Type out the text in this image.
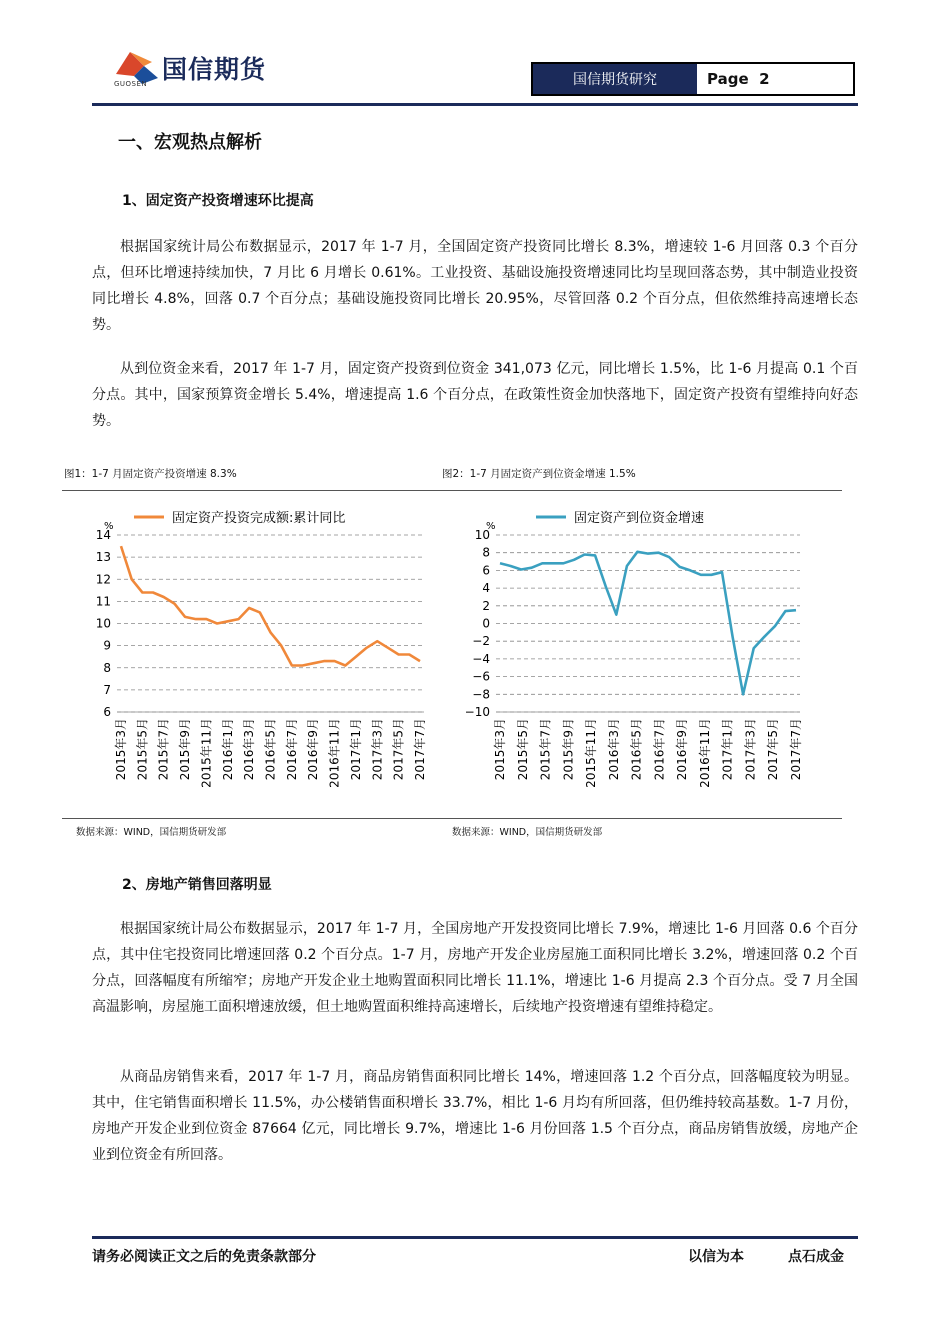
国信期货
GUOSEN	国信期货研究	Page
2
一、宏观热点解析
1、固定资产投资增速环比提高
根据国家统计局公布数据显示，2017 年 1-7 月，全国固定资产投资同比增长 8.3%，增速较 1-6 月回落 0.3 个百分点，但环比增速持续加快，7 月比 6 月增长 0.61%。工业投资、基础设施投资增速同比均呈现回落态势，其中制造业投资同比增长 4.8%，回落 0.7 个百分点；基础设施投资同比增长 20.95%，尽管回落 0.2 个百分点，但依然维持高速增长态势。
从到位资金来看，2017 年 1-7 月，固定资产投资到位资金 341,073 亿元，同比增长 1.5%，比 1-6 月提高 0.1 个百分点。其中，国家预算资金增长 5.4%，增速提高 1.6 个百分点，在政策性资金加快落地下，固定资产投资有望维持向好态势。
图1：1-7 月固定资产投资增速 8.3%	图2：1-7 月固定资产到位资金增速 1.5%
固定资产投资完成额:累计同比
%
6
7
8
9
10
11
12
13
14
2015年3月 2015年5月 2015年7月 2015年9月 2015年11月 2016年1月 2016年3月 2016年5月 2016年7月 2016年9月 2016年11月 2017年1月 2017年3月 2017年5月 2017年7月
固定资产到位资金增速
%
−10
−8
−6
−4
−2
0
2
4
6
8
10
2015年3月 2015年5月 2015年7月 2015年9月 2015年11月 2016年3月 2016年5月 2016年7月 2016年9月 2016年11月 2017年1月 2017年3月 2017年5月 2017年7月
数据来源：WIND，国信期货研发部	数据来源：WIND，国信期货研发部
2、房地产销售回落明显
根据国家统计局公布数据显示，2017 年 1-7 月，全国房地产开发投资同比增长 7.9%，增速比 1-6 月回落 0.6 个百分点，其中住宅投资同比增速回落 0.2 个百分点。1-7 月，房地产开发企业房屋施工面积同比增长 3.2%，增速回落 0.2 个百分点，回落幅度有所缩窄；房地产开发企业土地购置面积同比增长 11.1%，增速比 1-6 月提高 2.3 个百分点。受 7 月全国高温影响，房屋施工面积增速放缓，但土地购置面积维持高速增长，后续地产投资增速有望维持稳定。
从商品房销售来看，2017 年 1-7 月，商品房销售面积同比增长 14%，增速回落 1.2 个百分点，回落幅度较为明显。其中，住宅销售面积增长 11.5%，办公楼销售面积增长 33.7%，相比 1-6 月均有所回落，但仍维持较高基数。1-7 月份，房地产开发企业到位资金 87664 亿元，同比增长 9.7%，增速比 1-6 月份回落 1.5 个百分点，商品房销售放缓，房地产企业到位资金有所回落。
请务必阅读正文之后的免责条款部分	以信为本	点石成金
